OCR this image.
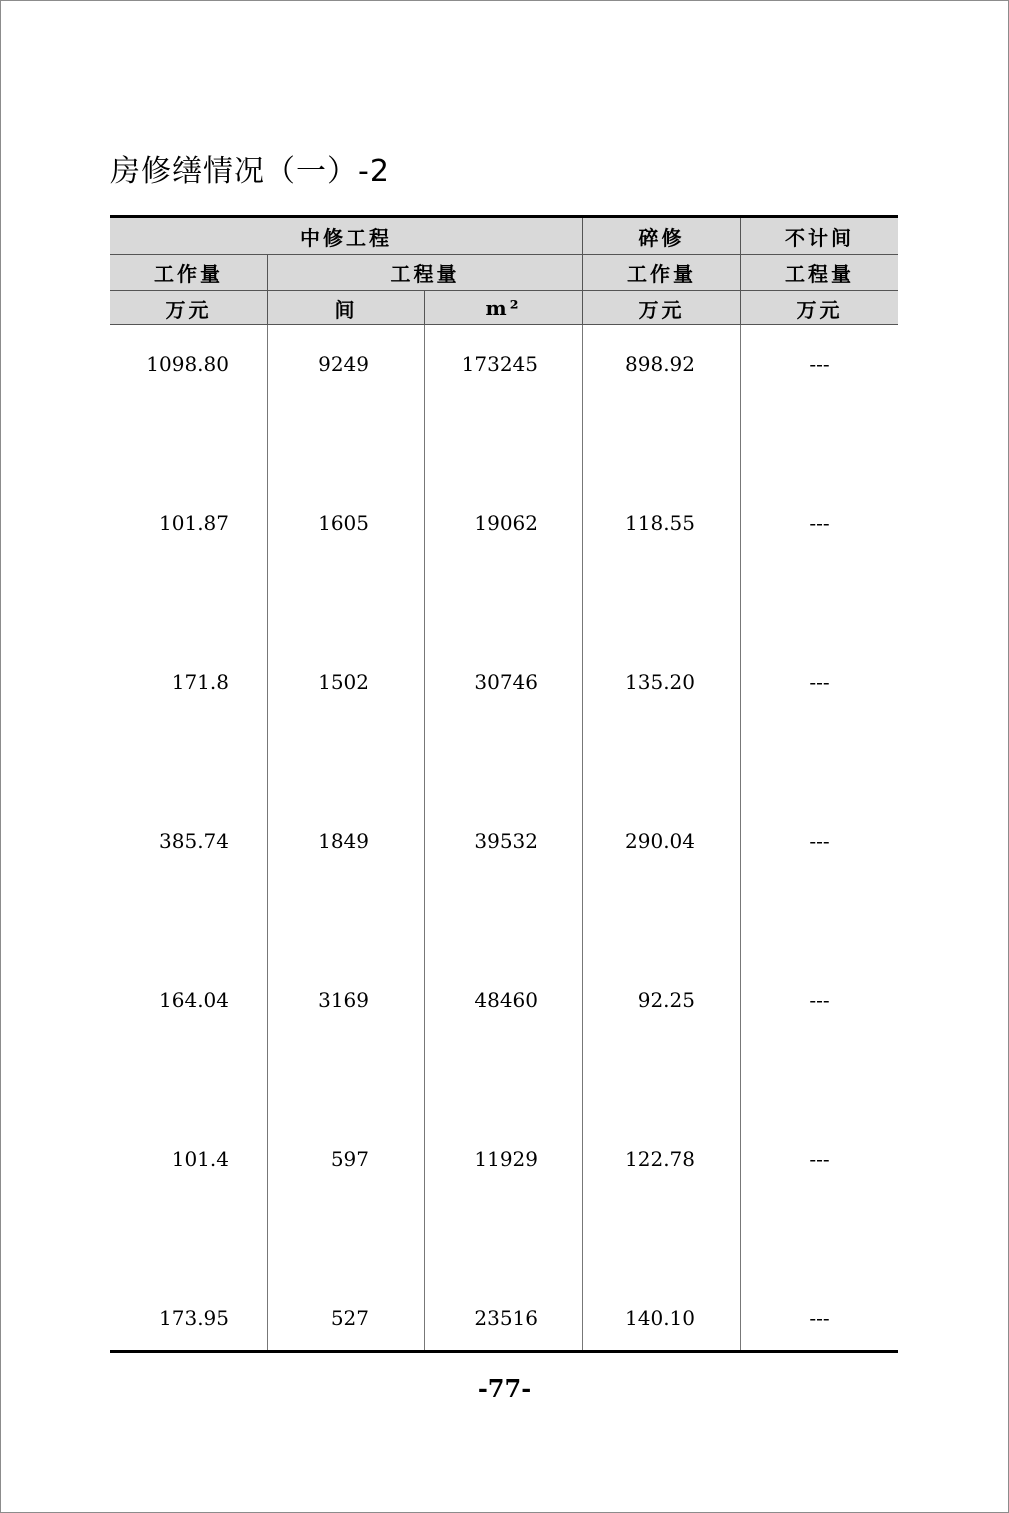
房修缮情况（一）-2
中修工程	碎修	不计间
工作量	工程量	工作量	工程量
万元	间	m²	万元	万元
1098.80	9249	173245	898.92	---
101.87	1605	19062	118.55	---
171.8	1502	30746	135.20	---
385.74	1849	39532	290.04	---
164.04	3169	48460	92.25	---
101.4	597	11929	122.78	---
173.95	527	23516	140.10	---
-77-
